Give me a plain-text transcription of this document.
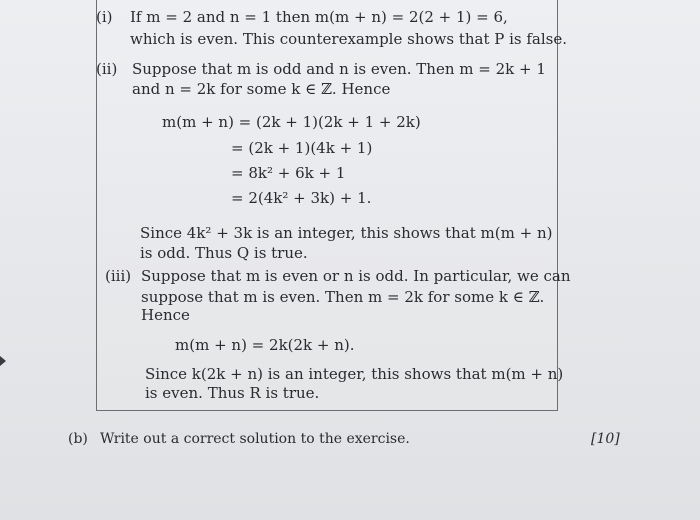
(i) If m = 2 and n = 1 then m(m + n) = 2(2 + 1) = 6,
which is even. This counterexample shows that P is false.
(ii) Suppose that m is odd and n is even. Then m = 2k + 1
and n = 2k for some k ∈ ℤ. Hence
m(m + n) = (2k + 1)(2k + 1 + 2k)
= (2k + 1)(4k + 1)
= 8k² + 6k + 1
= 2(4k² + 3k) + 1.
Since 4k² + 3k is an integer, this shows that m(m + n)
is odd. Thus Q is true.
(iii) Suppose that m is even or n is odd. In particular, we can
suppose that m is even. Then m = 2k for some k ∈ ℤ.
Hence
m(m + n) = 2k(2k + n).
Since k(2k + n) is an integer, this shows that m(m + n)
is even. Thus R is true.
(b) Write out a correct solution to the exercise.	[10]
